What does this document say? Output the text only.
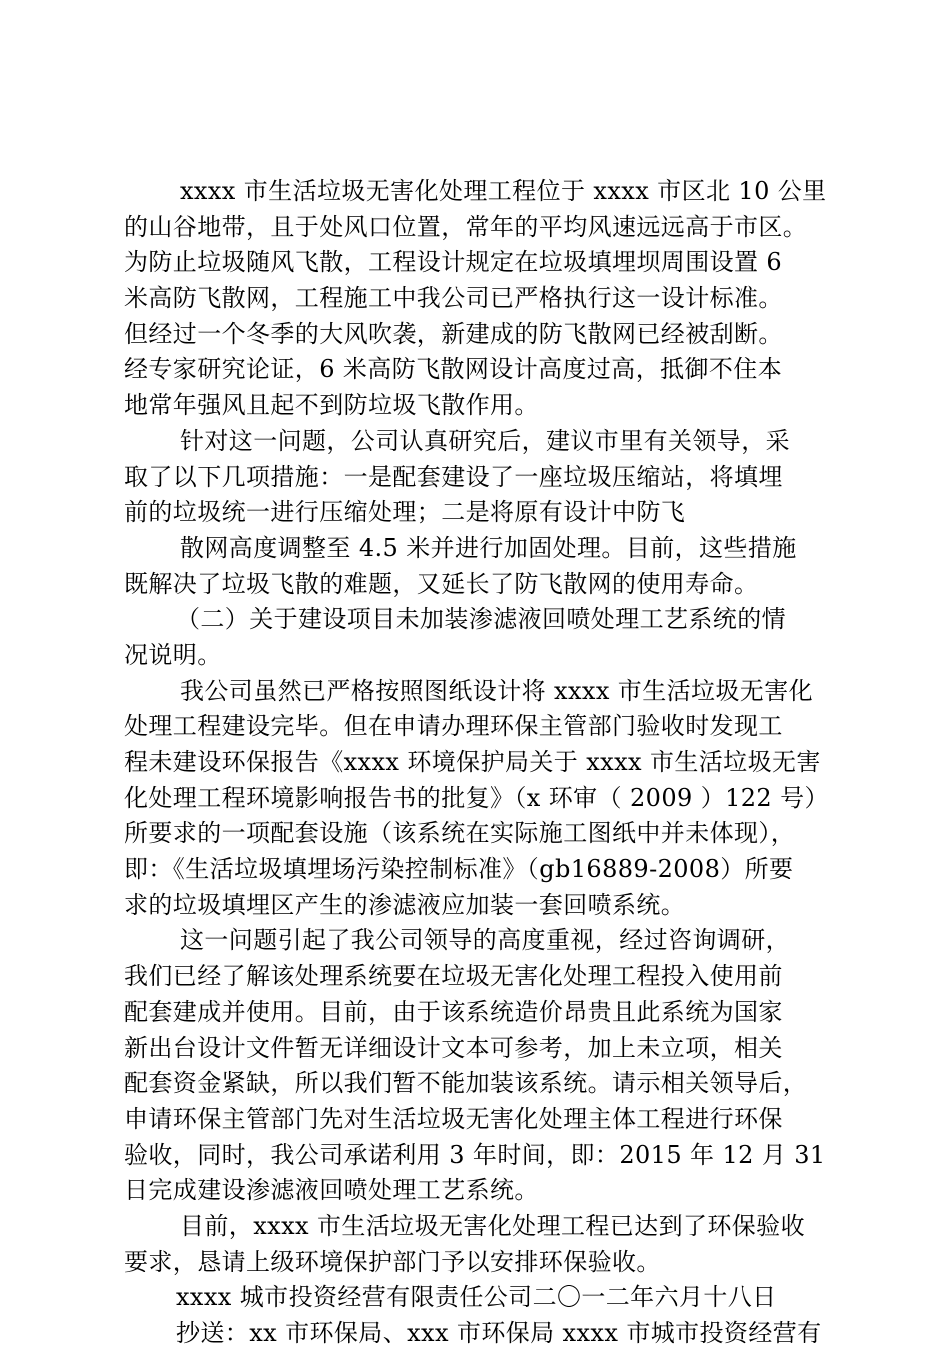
xxxx 市生活垃圾无害化处理工程位于 xxxx 市区北 10 公里
的山谷地带，且于处风口位置，常年的平均风速远远高于市区。
为防止垃圾随风飞散，工程设计规定在垃圾填埋坝周围设置 6
米高防飞散网，工程施工中我公司已严格执行这一设计标准。
但经过一个冬季的大风吹袭，新建成的防飞散网已经被刮断。
经专家研究论证，6 米高防飞散网设计高度过高，抵御不住本
地常年强风且起不到防垃圾飞散作用。
针对这一问题，公司认真研究后，建议市里有关领导，采
取了以下几项措施：一是配套建设了一座垃圾压缩站，将填埋
前的垃圾统一进行压缩处理；二是将原有设计中防飞
散网高度调整至 4.5 米并进行加固处理。目前，这些措施
既解决了垃圾飞散的难题，又延长了防飞散网的使用寿命。
（二）关于建设项目未加装渗滤液回喷处理工艺系统的情
况说明。
我公司虽然已严格按照图纸设计将 xxxx 市生活垃圾无害化
处理工程建设完毕。但在申请办理环保主管部门验收时发现工
程未建设环保报告《xxxx 环境保护局关于 xxxx 市生活垃圾无害
化处理工程环境影响报告书的批复》（x 环审（ 2009 ）122 号）
所要求的一项配套设施（该系统在实际施工图纸中并未体现），
即：《生活垃圾填埋场污染控制标准》（gb16889-2008）所要
求的垃圾填埋区产生的渗滤液应加装一套回喷系统。
这一问题引起了我公司领导的高度重视，经过咨询调研，
我们已经了解该处理系统要在垃圾无害化处理工程投入使用前
配套建成并使用。目前，由于该系统造价昂贵且此系统为国家
新出台设计文件暂无详细设计文本可参考，加上未立项，相关
配套资金紧缺，所以我们暂不能加装该系统。请示相关领导后，
申请环保主管部门先对生活垃圾无害化处理主体工程进行环保
验收，同时，我公司承诺利用 3 年时间，即：2015 年 12 月 31
日完成建设渗滤液回喷处理工艺系统。
目前，xxxx 市生活垃圾无害化处理工程已达到了环保验收
要求，恳请上级环境保护部门予以安排环保验收。
xxxx 城市投资经营有限责任公司二〇一二年六月十八日
抄送：xx 市环保局、xxx 市环保局 xxxx 市城市投资经营有
